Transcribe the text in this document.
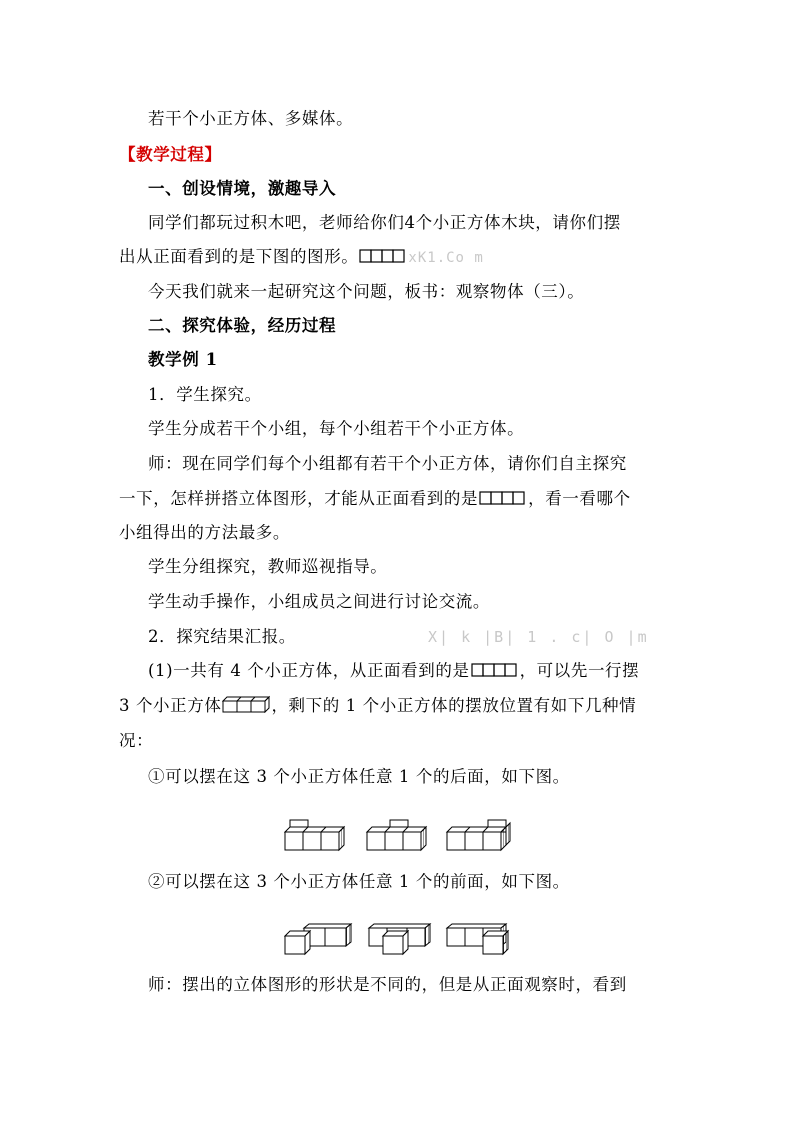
若干个小正方体、多媒体。
【教学过程】
一、创设情境，激趣导入
同学们都玩过积木吧，老师给你们4个小正方体木块，请你们摆
出从正面看到的是下图的图形。	xK1.Co m
今天我们就来一起研究这个问题，板书：观察物体（三）。
二、探究体验，经历过程
教学例 1
1．学生探究。
学生分成若干个小组，每个小组若干个小正方体。
师：现在同学们每个小组都有若干个小正方体，请你们自主探究
一下，怎样拼搭立体图形，才能从正面看到的是	，看一看哪个
小组得出的方法最多。
学生分组探究，教师巡视指导。
学生动手操作，小组成员之间进行讨论交流。
2．探究结果汇报。	X| k |B| 1 . c| O |m
(1)一共有 4 个小正方体，从正面看到的是	，可以先一行摆
3 个小正方体	，剩下的 1 个小正方体的摆放位置有如下几种情
况：
①可以摆在这 3 个小正方体任意 1 个的后面，如下图。
②可以摆在这 3 个小正方体任意 1 个的前面，如下图。
师：摆出的立体图形的形状是不同的，但是从正面观察时，看到
